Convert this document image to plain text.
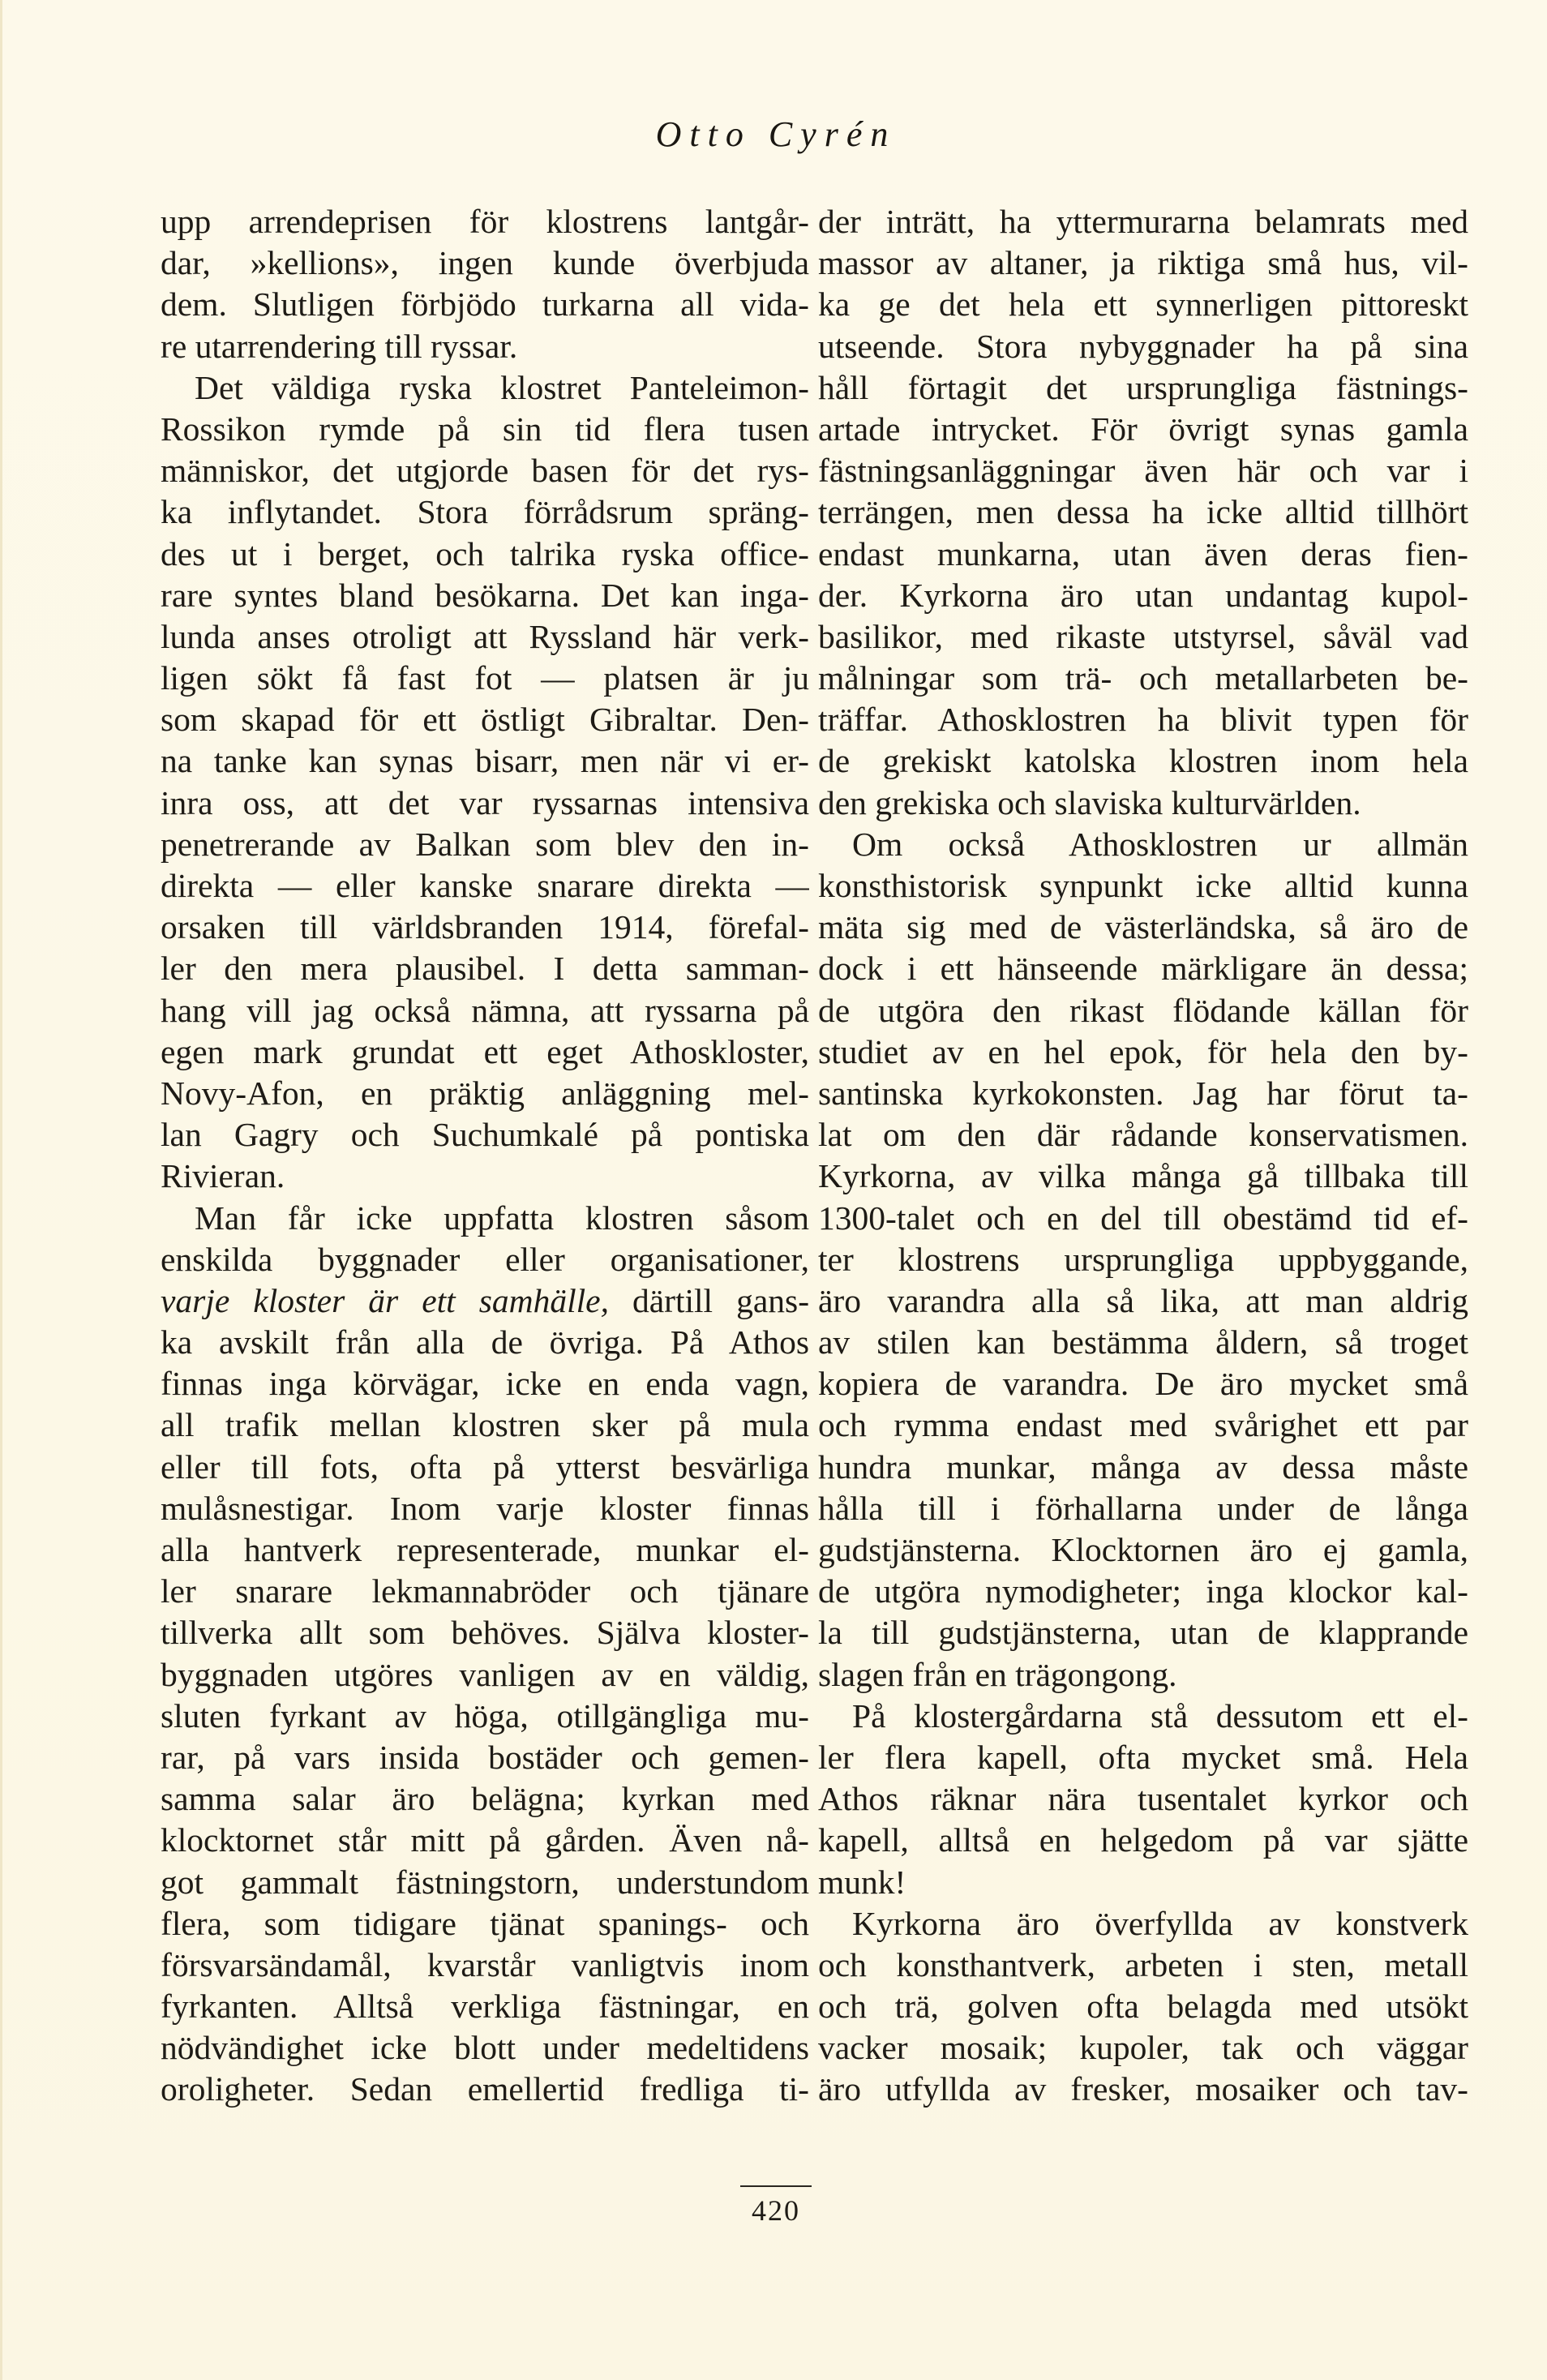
Otto Cyrén
upp arrendeprisen för klostrens lantgår-
dar, »kellions», ingen kunde överbjuda
dem. Slutligen förbjödo turkarna all vida-
re utarrendering till ryssar.
Det väldiga ryska klostret Panteleimon-
Rossikon rymde på sin tid flera tusen
människor, det utgjorde basen för det rys-
ka inflytandet. Stora förrådsrum spräng-
des ut i berget, och talrika ryska office-
rare syntes bland besökarna. Det kan inga-
lunda anses otroligt att Ryssland här verk-
ligen sökt få fast fot — platsen är ju
som skapad för ett östligt Gibraltar. Den-
na tanke kan synas bisarr, men när vi er-
inra oss, att det var ryssarnas intensiva
penetrerande av Balkan som blev den in-
direkta — eller kanske snarare direkta —
orsaken till världsbranden 1914, förefal-
ler den mera plausibel. I detta samman-
hang vill jag också nämna, att ryssarna på
egen mark grundat ett eget Athoskloster,
Novy-Afon, en präktig anläggning mel-
lan Gagry och Suchumkalé på pontiska
Rivieran.
Man får icke uppfatta klostren såsom
enskilda byggnader eller organisationer,
varje kloster är ett samhälle, därtill gans-
ka avskilt från alla de övriga. På Athos
finnas inga körvägar, icke en enda vagn,
all trafik mellan klostren sker på mula
eller till fots, ofta på ytterst besvärliga
mulåsnestigar. Inom varje kloster finnas
alla hantverk representerade, munkar el-
ler snarare lekmannabröder och tjänare
tillverka allt som behöves. Själva kloster-
byggnaden utgöres vanligen av en väldig,
sluten fyrkant av höga, otillgängliga mu-
rar, på vars insida bostäder och gemen-
samma salar äro belägna; kyrkan med
klocktornet står mitt på gården. Även nå-
got gammalt fästningstorn, understundom
flera, som tidigare tjänat spanings- och
försvarsändamål, kvarstår vanligtvis inom
fyrkanten. Alltså verkliga fästningar, en
nödvändighet icke blott under medeltidens
oroligheter. Sedan emellertid fredliga ti-
der inträtt, ha yttermurarna belamrats med
massor av altaner, ja riktiga små hus, vil-
ka ge det hela ett synnerligen pittoreskt
utseende. Stora nybyggnader ha på sina
håll förtagit det ursprungliga fästnings-
artade intrycket. För övrigt synas gamla
fästningsanläggningar även här och var i
terrängen, men dessa ha icke alltid tillhört
endast munkarna, utan även deras fien-
der. Kyrkorna äro utan undantag kupol-
basilikor, med rikaste utstyrsel, såväl vad
målningar som trä- och metallarbeten be-
träffar. Athosklostren ha blivit typen för
de grekiskt katolska klostren inom hela
den grekiska och slaviska kulturvärlden.
Om också Athosklostren ur allmän
konsthistorisk synpunkt icke alltid kunna
mäta sig med de västerländska, så äro de
dock i ett hänseende märkligare än dessa;
de utgöra den rikast flödande källan för
studiet av en hel epok, för hela den by-
santinska kyrkokonsten. Jag har förut ta-
lat om den där rådande konservatismen.
Kyrkorna, av vilka många gå tillbaka till
1300-talet och en del till obestämd tid ef-
ter klostrens ursprungliga uppbyggande,
äro varandra alla så lika, att man aldrig
av stilen kan bestämma åldern, så troget
kopiera de varandra. De äro mycket små
och rymma endast med svårighet ett par
hundra munkar, många av dessa måste
hålla till i förhallarna under de långa
gudstjänsterna. Klocktornen äro ej gamla,
de utgöra nymodigheter; inga klockor kal-
la till gudstjänsterna, utan de klapprande
slagen från en trägongong.
På klostergårdarna stå dessutom ett el-
ler flera kapell, ofta mycket små. Hela
Athos räknar nära tusentalet kyrkor och
kapell, alltså en helgedom på var sjätte
munk!
Kyrkorna äro överfyllda av konstverk
och konsthantverk, arbeten i sten, metall
och trä, golven ofta belagda med utsökt
vacker mosaik; kupoler, tak och väggar
äro utfyllda av fresker, mosaiker och tav-
420
